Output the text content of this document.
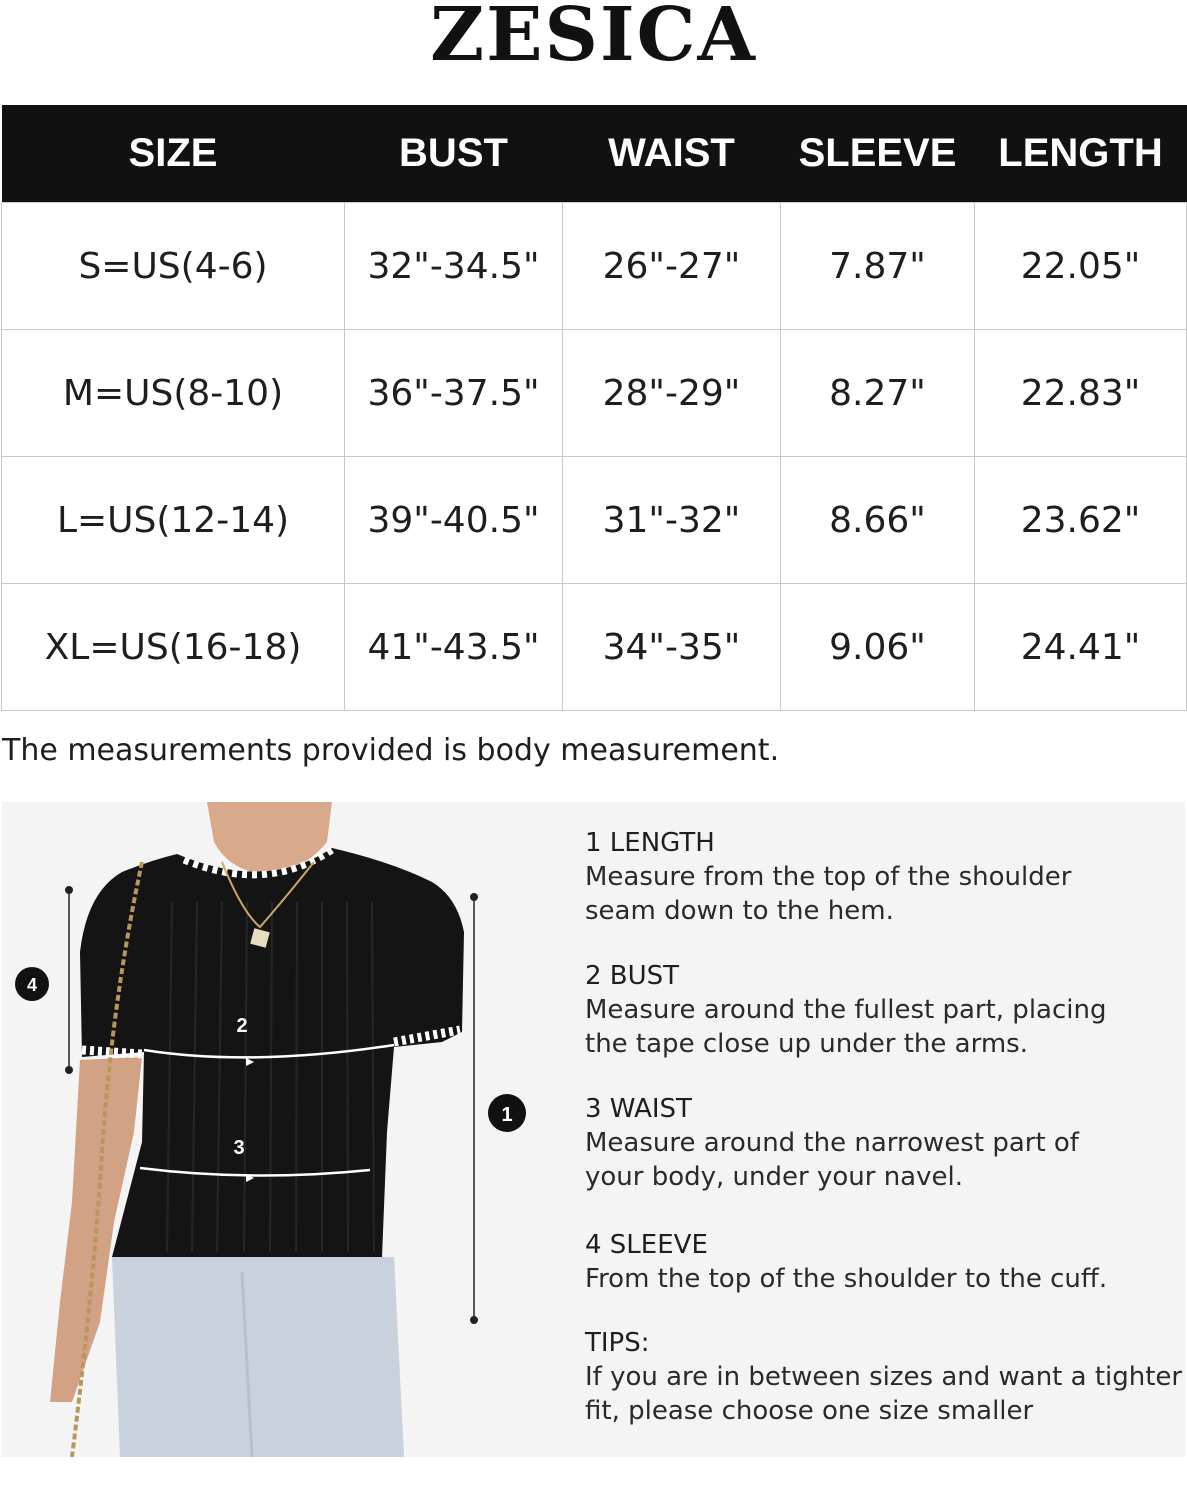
ZESICA
SIZE	BUST	WAIST	SLEEVE	LENGTH
S=US(4-6)	32"-34.5"	26"-27"	7.87"	22.05"
M=US(8-10)	36"-37.5"	28"-29"	8.27"	22.83"
L=US(12-14)	39"-40.5"	31"-32"	8.66"	23.62"
XL=US(16-18)	41"-43.5"	34"-35"	9.06"	24.41"
The measurements provided is body measurement.
4
1
2
3
1 LENGTH
Measure from the top of the shoulder
seam down to the hem.
2 BUST
Measure around the fullest part, placing
the tape close up under the arms.
3 WAIST
Measure around the narrowest part of
your body, under your navel.
4 SLEEVE
From the top of the shoulder to the cuff.
TIPS:
If you are in between sizes and want a tighter
fit, please choose one size smaller
